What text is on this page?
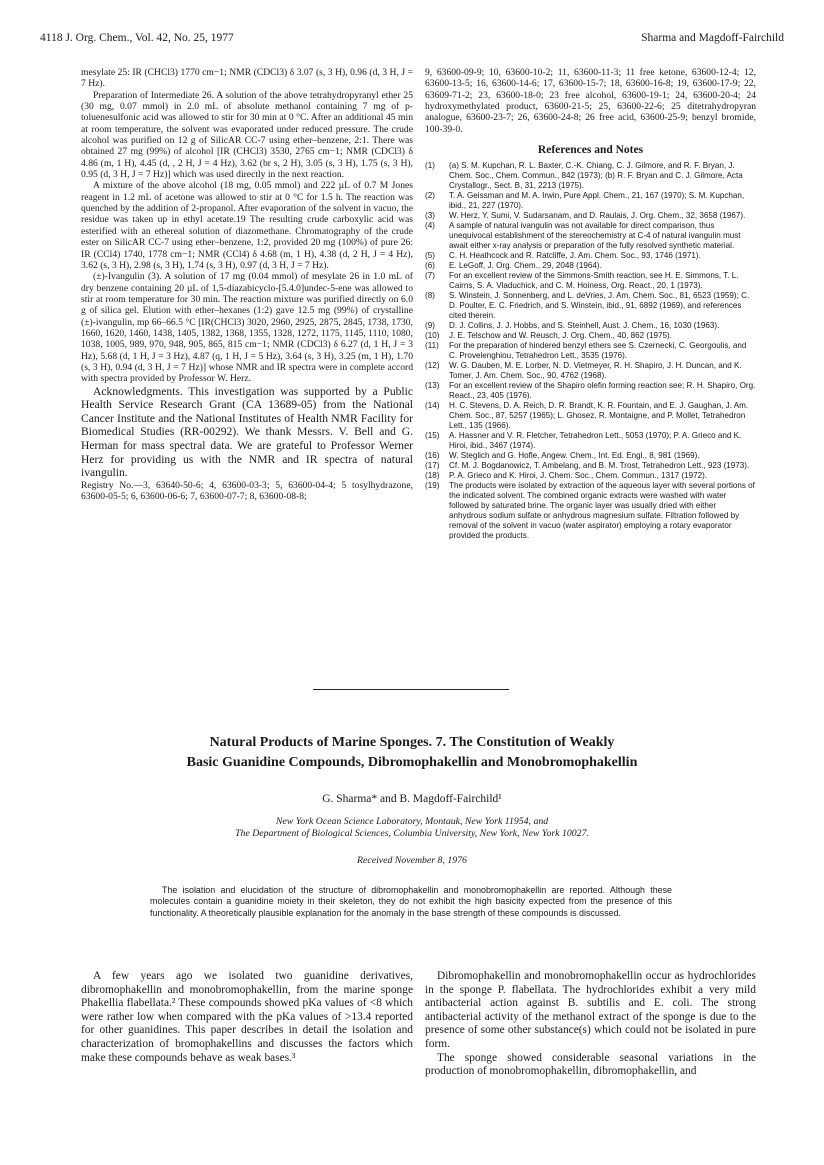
4118 J. Org. Chem., Vol. 42, No. 25, 1977	Sharma and Magdoff-Fairchild

mesylate 25: IR (CHCl3) 1770 cm−1; NMR (CDCl3) δ 3.07 (s, 3 H), 0.96 (d, 3 H, J = 7 Hz).

Preparation of Intermediate 26. A solution of the above tetrahydropyranyl ether 25 (30 mg, 0.07 mmol) in 2.0 mL of absolute methanol containing 7 mg of p-toluenesulfonic acid was allowed to stir for 30 min at 0 °C. After an additional 45 min at room temperature, the solvent was evaporated under reduced pressure. The crude alcohol was purified on 12 g of SilicAR CC-7 using ether–benzene, 2:1. There was obtained 27 mg (99%) of alcohol [IR (CHCl3) 3530, 2765 cm−1; NMR (CDCl3) δ 4.86 (m, 1 H), 4.45 (d, , 2 H, J = 4 Hz), 3.62 (br s, 2 H), 3.05 (s, 3 H), 1.75 (s, 3 H), 0.95 (d, 3 H, J = 7 Hz)] which was used directly in the next reaction.

A mixture of the above alcohol (18 mg, 0.05 mmol) and 222 µL of 0.7 M Jones reagent in 1.2 mL of acetone was allowed to stir at 0 °C for 1.5 h. The reaction was quenched by the addition of 2-propanol. After evaporation of the solvent in vacuo, the residue was taken up in ethyl acetate.19 The resulting crude carboxylic acid was esterified with an ethereal solution of diazomethane. Chromatography of the crude ester on SilicAR CC-7 using ether–benzene, 1:2, provided 20 mg (100%) of pure 26: IR (CCl4) 1740, 1778 cm−1; NMR (CCl4) δ 4.68 (m, 1 H), 4.38 (d, 2 H, J = 4 Hz), 3.62 (s, 3 H), 2.98 (s, 3 H), 1.74 (s, 3 H), 0.97 (d, 3 H, J = 7 Hz).

(±)-Ivangulin (3). A solution of 17 mg (0.04 mmol) of mesylate 26 in 1.0 mL of dry benzene containing 20 µL of 1,5-diazabicyclo-[5.4.0]undec-5-ene was allowed to stir at room temperature for 30 min. The reaction mixture was purified directly on 6.0 g of silica gel. Elution with ether–hexanes (1:2) gave 12.5 mg (99%) of crystalline (±)-ivangulin, mp 66–66.5 °C [IR(CHCl3) 3020, 2960, 2925, 2875, 2845, 1738, 1730, 1660, 1620, 1460, 1438, 1405, 1382, 1368, 1355, 1328, 1272, 1175, 1145, 1110, 1080, 1038, 1005, 989, 970, 948, 905, 865, 815 cm−1; NMR (CDCl3) δ 6.27 (d, 1 H, J = 3 Hz), 5.68 (d, 1 H, J = 3 Hz), 4.87 (q, 1 H, J = 5 Hz), 3.64 (s, 3 H), 3.25 (m, 1 H), 1.70 (s, 3 H), 0.94 (d, 3 H, J = 7 Hz)] whose NMR and IR spectra were in complete accord with spectra provided by Professor W. Herz.

Acknowledgments. This investigation was supported by a Public Health Service Research Grant (CA 13689-05) from the National Cancer Institute and the National Institutes of Health NMR Facility for Biomedical Studies (RR-00292). We thank Messrs. V. Bell and G. Herman for mass spectral data. We are grateful to Professor Werner Herz for providing us with the NMR and IR spectra of natural ivangulin.

Registry No.—3, 63640-50-6; 4, 63600-03-3; 5, 63600-04-4; 5 tosylhydrazone, 63600-05-5; 6, 63600-06-6; 7, 63600-07-7; 8, 63600-08-8;

9, 63600-09-9; 10, 63600-10-2; 11, 63600-11-3; 11 free ketone, 63600-12-4; 12, 63600-13-5; 16, 63600-14-6; 17, 63600-15-7; 18, 63600-16-8; 19, 63600-17-9; 22, 63609-71-2; 23, 63600-18-0; 23 free alcohol, 63600-19-1; 24, 63600-20-4; 24 hydroxymethylated product, 63600-21-5; 25, 63600-22-6; 25 ditetrahydropyran analogue, 63600-23-7; 26, 63600-24-8; 26 free acid, 63600-25-9; benzyl bromide, 100-39-0.

References and Notes
(1) (a) S. M. Kupchan, R. L. Baxter, C.-K. Chiang, C. J. Gilmore, and R. F. Bryan, J. Chem. Soc., Chem. Commun., 842 (1973); (b) R. F. Bryan and C. J. Gilmore, Acta Crystallogr., Sect. B, 31, 2213 (1975).
(2) T. A. Geissman and M. A. Irwin, Pure Appl. Chem., 21, 167 (1970); S. M. Kupchan, ibid., 21, 227 (1970).
(3) W. Herz, Y. Sumi, V. Sudarsanam, and D. Raulais, J. Org. Chem., 32, 3658 (1967).
(4) A sample of natural ivangulin was not available for direct comparison, thus unequivocal establishment of the stereochemistry at C-4 of natural ivangulin must await either x-ray analysis or preparation of the fully resolved synthetic material.
(5) C. H. Heathcock and R. Ratcliffe, J. Am. Chem. Soc., 93, 1746 (1971).
(6) E. LeGoff, J. Org. Chem., 29, 2048 (1964).
(7) For an excellent review of the Simmons-Smith reaction, see H. E. Simmons, T. L. Cairns, S. A. Vladuchick, and C. M. Hoiness, Org. React., 20, 1 (1973).
(8) S. Winstein, J. Sonnenberg, and L. deVries, J. Am. Chem. Soc., 81, 6523 (1959); C. D. Poulter, E. C. Friedrich, and S. Winstein, ibid., 91, 6892 (1969), and references cited therein.
(9) D. J. Collins, J. J. Hobbs, and S. Steinhell, Aust. J. Chem., 16, 1030 (1963).
(10) J. E. Telschow and W. Reusch, J. Org. Chem., 40, 862 (1975).
(11) For the preparation of hindered benzyl ethers see S. Czernecki, C. Georgoulis, and C. Provelenghiou, Tetrahedron Lett., 3535 (1976).
(12) W. G. Dauben, M. E. Lorber, N. D. Vietmeyer, R. H. Shapiro, J. H. Duncan, and K. Tomer, J. Am. Chem. Soc., 90, 4762 (1968).
(13) For an excellent review of the Shapiro olefin forming reaction see; R. H. Shapiro, Org. React., 23, 405 (1976).
(14) H. C. Stevens, D. A. Reich, D. R. Brandt, K. R. Fountain, and E. J. Gaughan, J. Am. Chem. Soc., 87, 5257 (1965); L. Ghosez, R. Montaigne, and P. Mollet, Tetrahedron Lett., 135 (1966).
(15) A. Hassner and V. R. Fletcher, Tetrahedron Lett., 5053 (1970); P. A. Grieco and K. Hiroi, ibid., 3467 (1974).
(16) W. Steglich and G. Hofle, Angew. Chem., Int. Ed. Engl., 8, 981 (1969).
(17) Cf. M. J. Bogdanowicz, T. Ambelang, and B. M. Trost, Tetrahedron Lett., 923 (1973).
(18) P. A. Grieco and K. Hiroi, J. Chem. Soc., Chem. Commun., 1317 (1972).
(19) The products were isolated by extraction of the aqueous layer with several portions of the indicated solvent. The combined organic extracts were washed with water followed by saturated brine. The organic layer was usually dried with either anhydrous sodium sulfate or anhydrous magnesium sulfate. Filtration followed by removal of the solvent in vacuo (water aspirator) employing a rotary evaporator provided the products.
Natural Products of Marine Sponges. 7. The Constitution of Weakly
Basic Guanidine Compounds, Dibromophakellin and Monobromophakellin
G. Sharma* and B. Magdoff-Fairchild¹
New York Ocean Science Laboratory, Montauk, New York 11954, and
The Department of Biological Sciences, Columbia University, New York, New York 10027.
Received November 8, 1976

The isolation and elucidation of the structure of dibromophakellin and monobromophakellin are reported. Although these molecules contain a guanidine moiety in their skeleton, they do not exhibit the high basicity expected from the presence of this functionality. A theoretically plausible explanation for the anomaly in the base strength of these compounds is discussed.

A few years ago we isolated two guanidine derivatives, dibromophakellin and monobromophakellin, from the marine sponge Phakellia flabellata.² These compounds showed pKa values of <8 which were rather low when compared with the pKa values of >13.4 reported for other guanidines. This paper describes in detail the isolation and characterization of bromophakellins and discusses the factors which make these compounds behave as weak bases.³

Dibromophakellin and monobromophakellin occur as hydrochlorides in the sponge P. flabellata. The hydrochlorides exhibit a very mild antibacterial action against B. subtilis and E. coli. The strong antibacterial activity of the methanol extract of the sponge is due to the presence of some other substance(s) which could not be isolated in pure form.

The sponge showed considerable seasonal variations in the production of monobromophakellin, dibromophakellin, and
